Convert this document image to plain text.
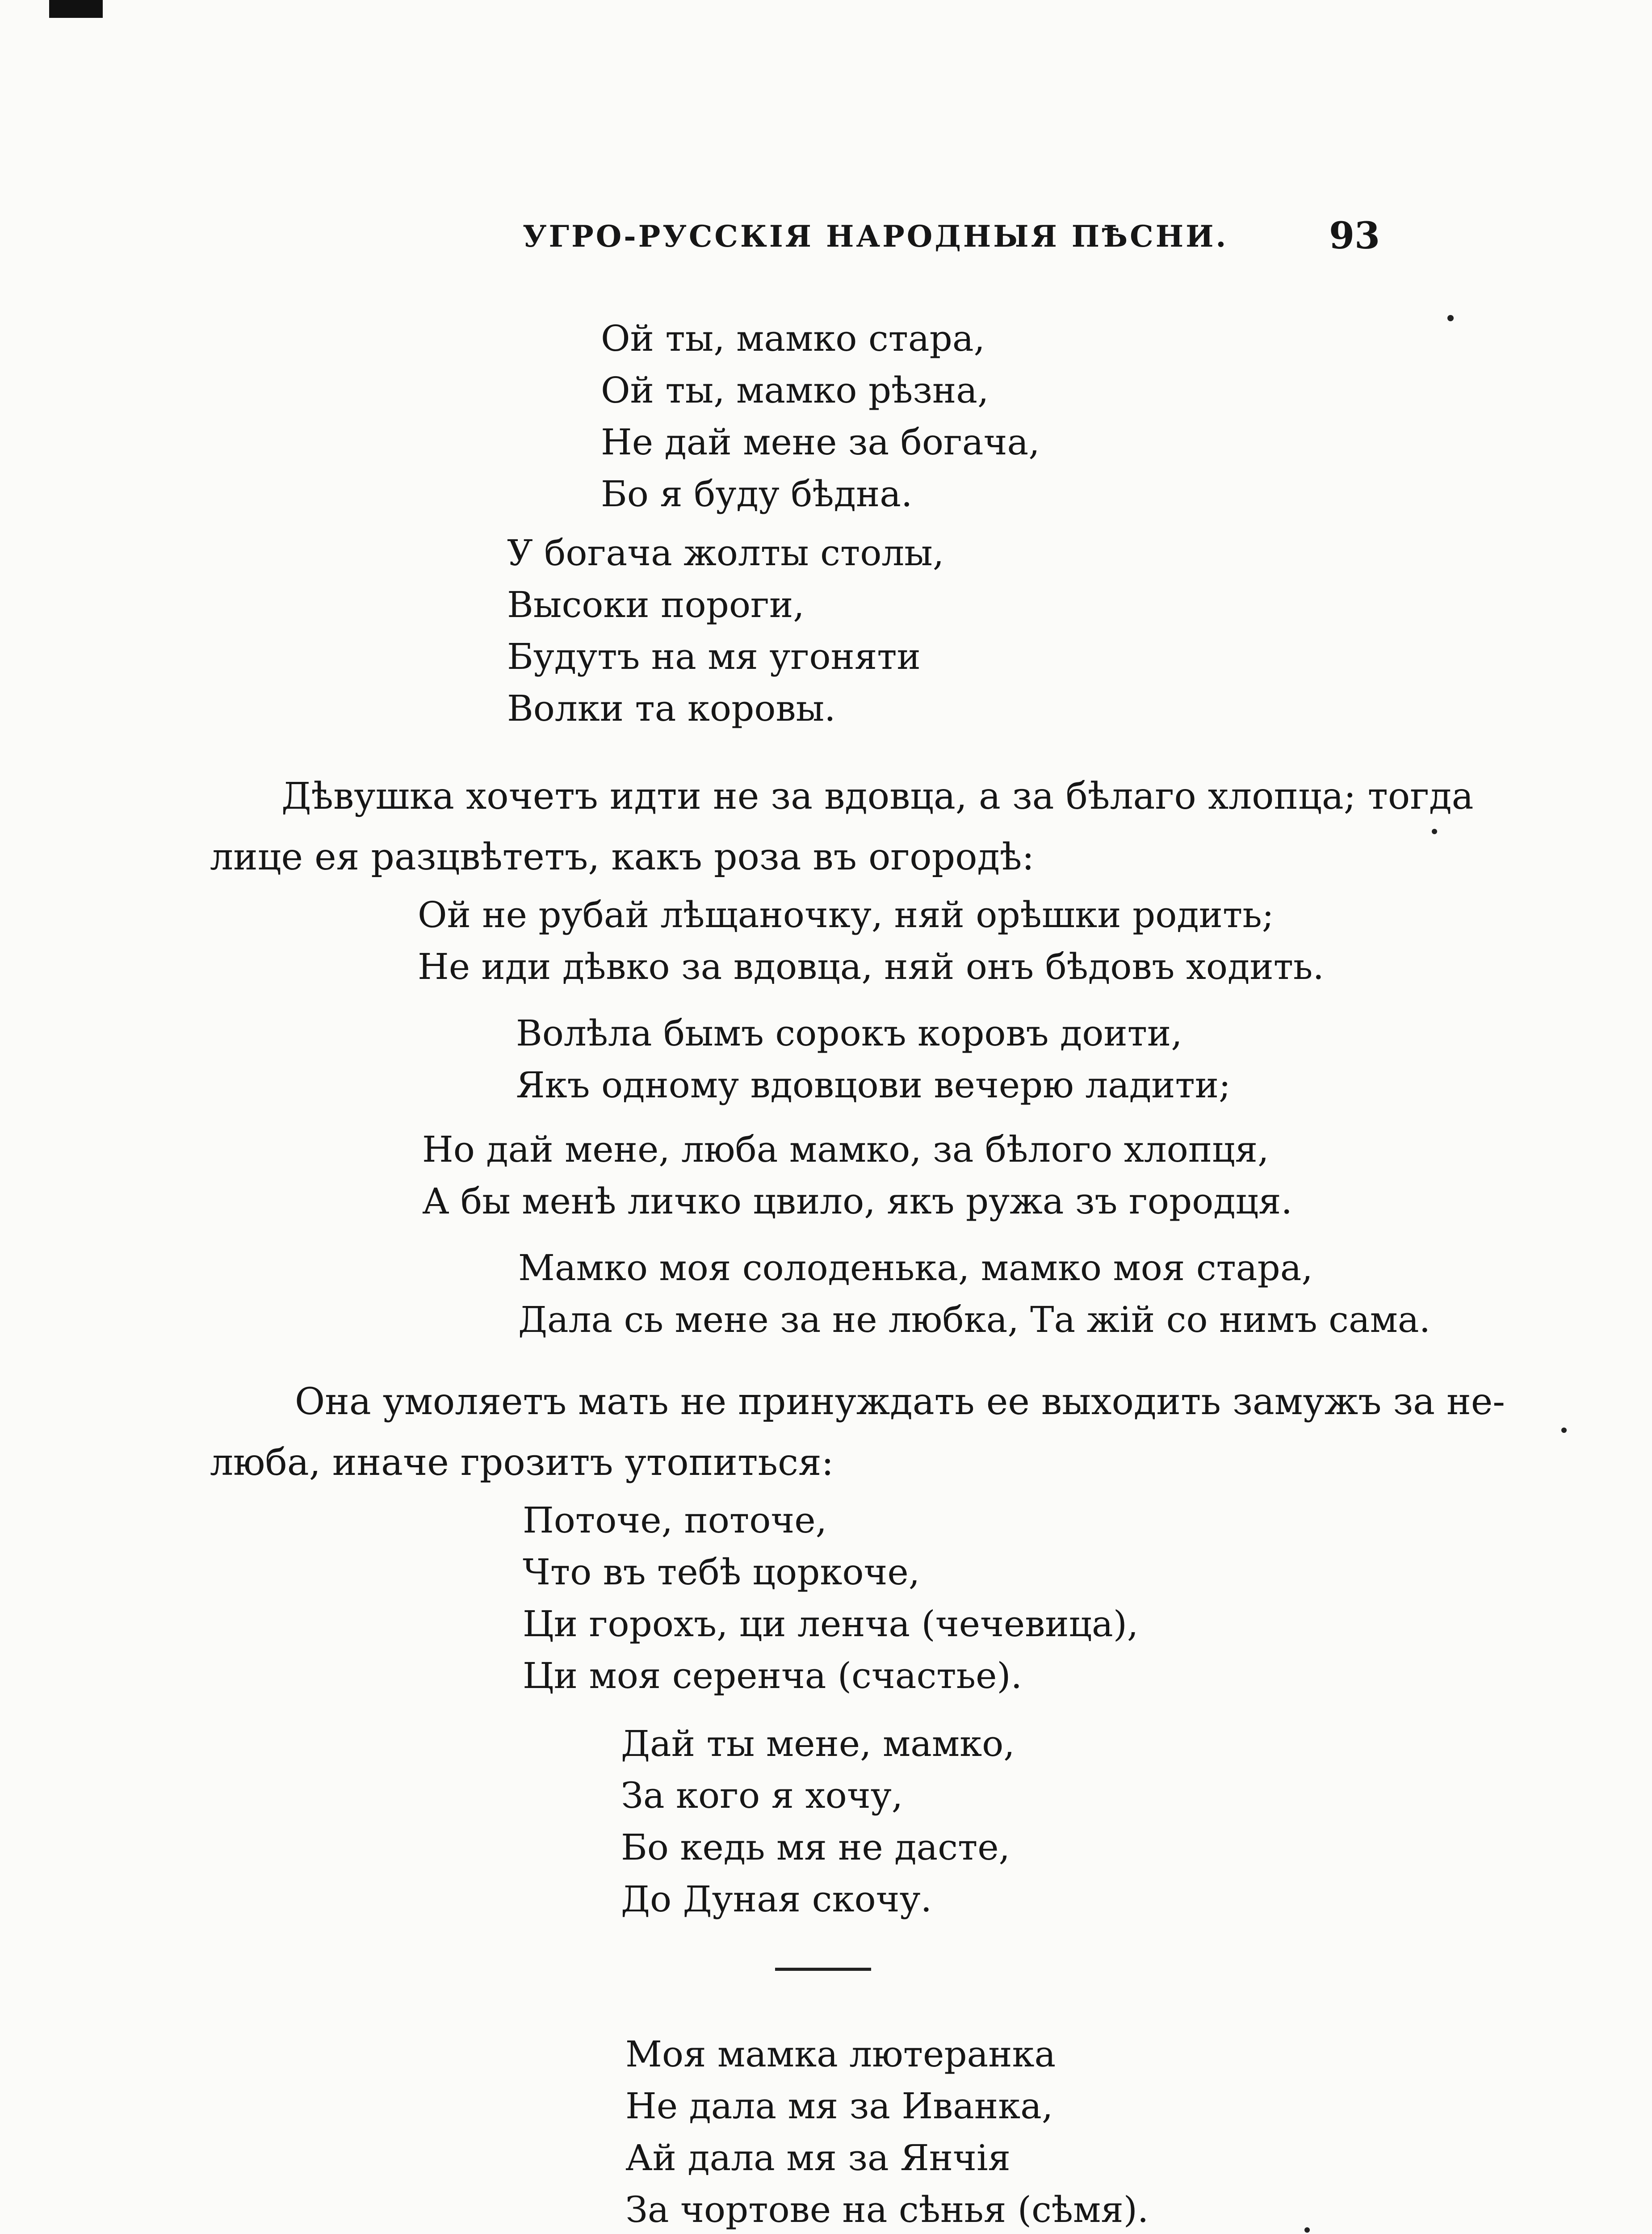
УГРО-РУССКІЯ НАРОДНЫЯ ПѢСНИ.	93
Ой ты, мамко стара,
Ой ты, мамко рѣзна,
Не дай мене за богача,
Бо я буду бѣдна.
У богача жолты столы,
Высоки пороги,
Будутъ на мя угоняти
Волки та коровы.
Дѣвушка хочетъ идти не за вдовца, а за бѣлаго хлопца; тогда
лице ея разцвѣтетъ, какъ роза въ огородѣ:
Ой не рубай лѣщаночку, няй орѣшки родить;
Не иди дѣвко за вдовца, няй онъ бѣдовъ ходить.
Волѣла бымъ сорокъ коровъ доити,
Якъ одному вдовцови вечерю ладити;
Но дай мене, люба мамко, за бѣлого хлопця,
А бы менѣ личко цвило, якъ ружа зъ городця.
Мамко моя солоденька, мамко моя стара,
Дала сь мене за не любка, Та жій со нимъ сама.
Она умоляетъ мать не принуждать ее выходить замужъ за не-
люба, иначе грозитъ утопиться:
Поточе, поточе,
Что въ тебѣ цоркоче,
Ци горохъ, ци ленча (чечевица),
Ци моя серенча (счастье).
Дай ты мене, мамко,
За кого я хочу,
Бо кедь мя не дасте,
До Дуная скочу.
Моя мамка лютеранка
Не дала мя за Иванка,
Ай дала мя за Янчія
За чортове на сѣнья (сѣмя).
